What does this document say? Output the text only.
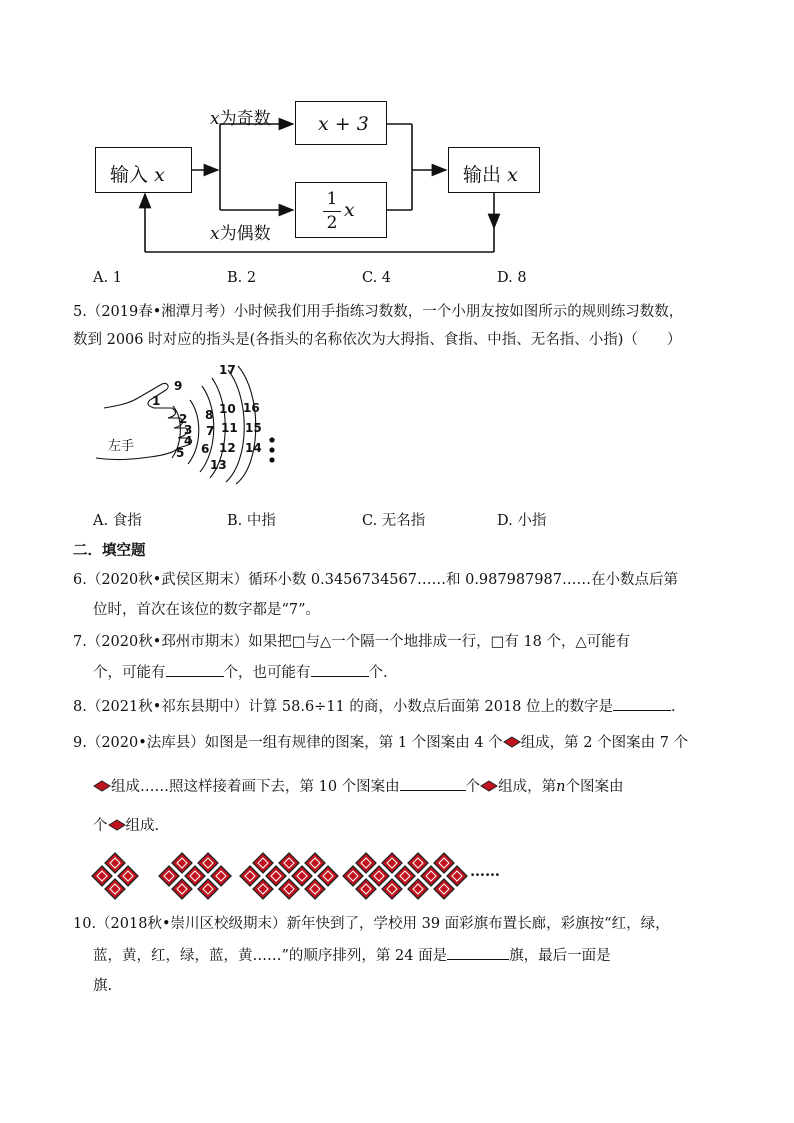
输入 x
x + 3
1
2
x
输出 x
x为奇数
x为偶数
A. 1	B. 2	C. 4	D. 8
5.（2019春•湘潭月考）小时候我们用手指练习数数，一个小朋友按如图所示的规则练习数数，
数到 2006 时对应的指头是(各指头的名称依次为大拇指、食指、中指、无名指、小指)（　　）
左手
1
2
3
4
5 6
7
8
9
10
11
12
13
14
15
16
17
A. 食指	B. 中指	C. 无名指	D. 小指
二．填空题
6.（2020秋•武侯区期末）循环小数 0.3456734567……和 0.987987987……在小数点后第
位时，首次在该位的数字都是“7”。
7.（2020秋•邳州市期末）如果把□与△一个隔一个地排成一行，□有 18 个，△可能有
个，可能有	个，也可能有	个.
8.（2021秋•祁东县期中）计算 58.6÷11 的商，小数点后面第 2018 位上的数字是	.
9.（2020•法库县）如图是一组有规律的图案，第 1 个图案由 4 个 组成，第 2 个图案由 7 个
组成……照这样接着画下去，第 10 个图案由	个 组成，第n个图案由
个 组成.
……
10.（2018秋•崇川区校级期末）新年快到了，学校用 39 面彩旗布置长廊，彩旗按“红，绿，
蓝，黄，红，绿，蓝，黄……”的顺序排列，第 24 面是	旗，最后一面是
旗.
